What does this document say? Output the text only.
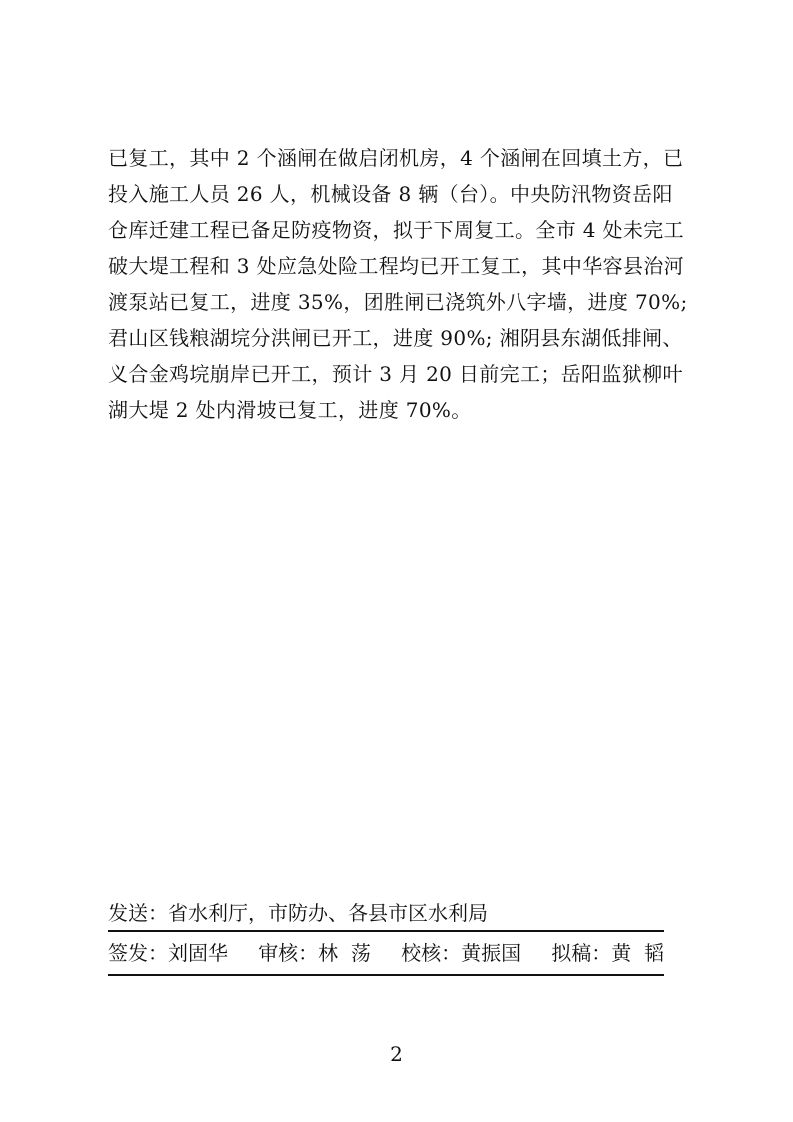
已复工，其中 2 个涵闸在做启闭机房，4 个涵闸在回填土方，已
投入施工人员 26 人，机械设备 8 辆（台）。中央防汛物资岳阳
仓库迁建工程已备足防疫物资，拟于下周复工。全市 4 处未完工
破大堤工程和 3 处应急处险工程均已开工复工，其中华容县治河
渡泵站已复工，进度 35%，团胜闸已浇筑外八字墙，进度 70%;
君山区钱粮湖垸分洪闸已开工，进度 90%; 湘阴县东湖低排闸、
义合金鸡垸崩岸已开工，预计 3 月 20 日前完工；岳阳监狱柳叶
湖大堤 2 处内滑坡已复工，进度 70%。
发送：省水利厅，市防办、各县市区水利局
签发：刘固华 审核：林  荡 校核：黄振国 拟稿：黄  韬
2
